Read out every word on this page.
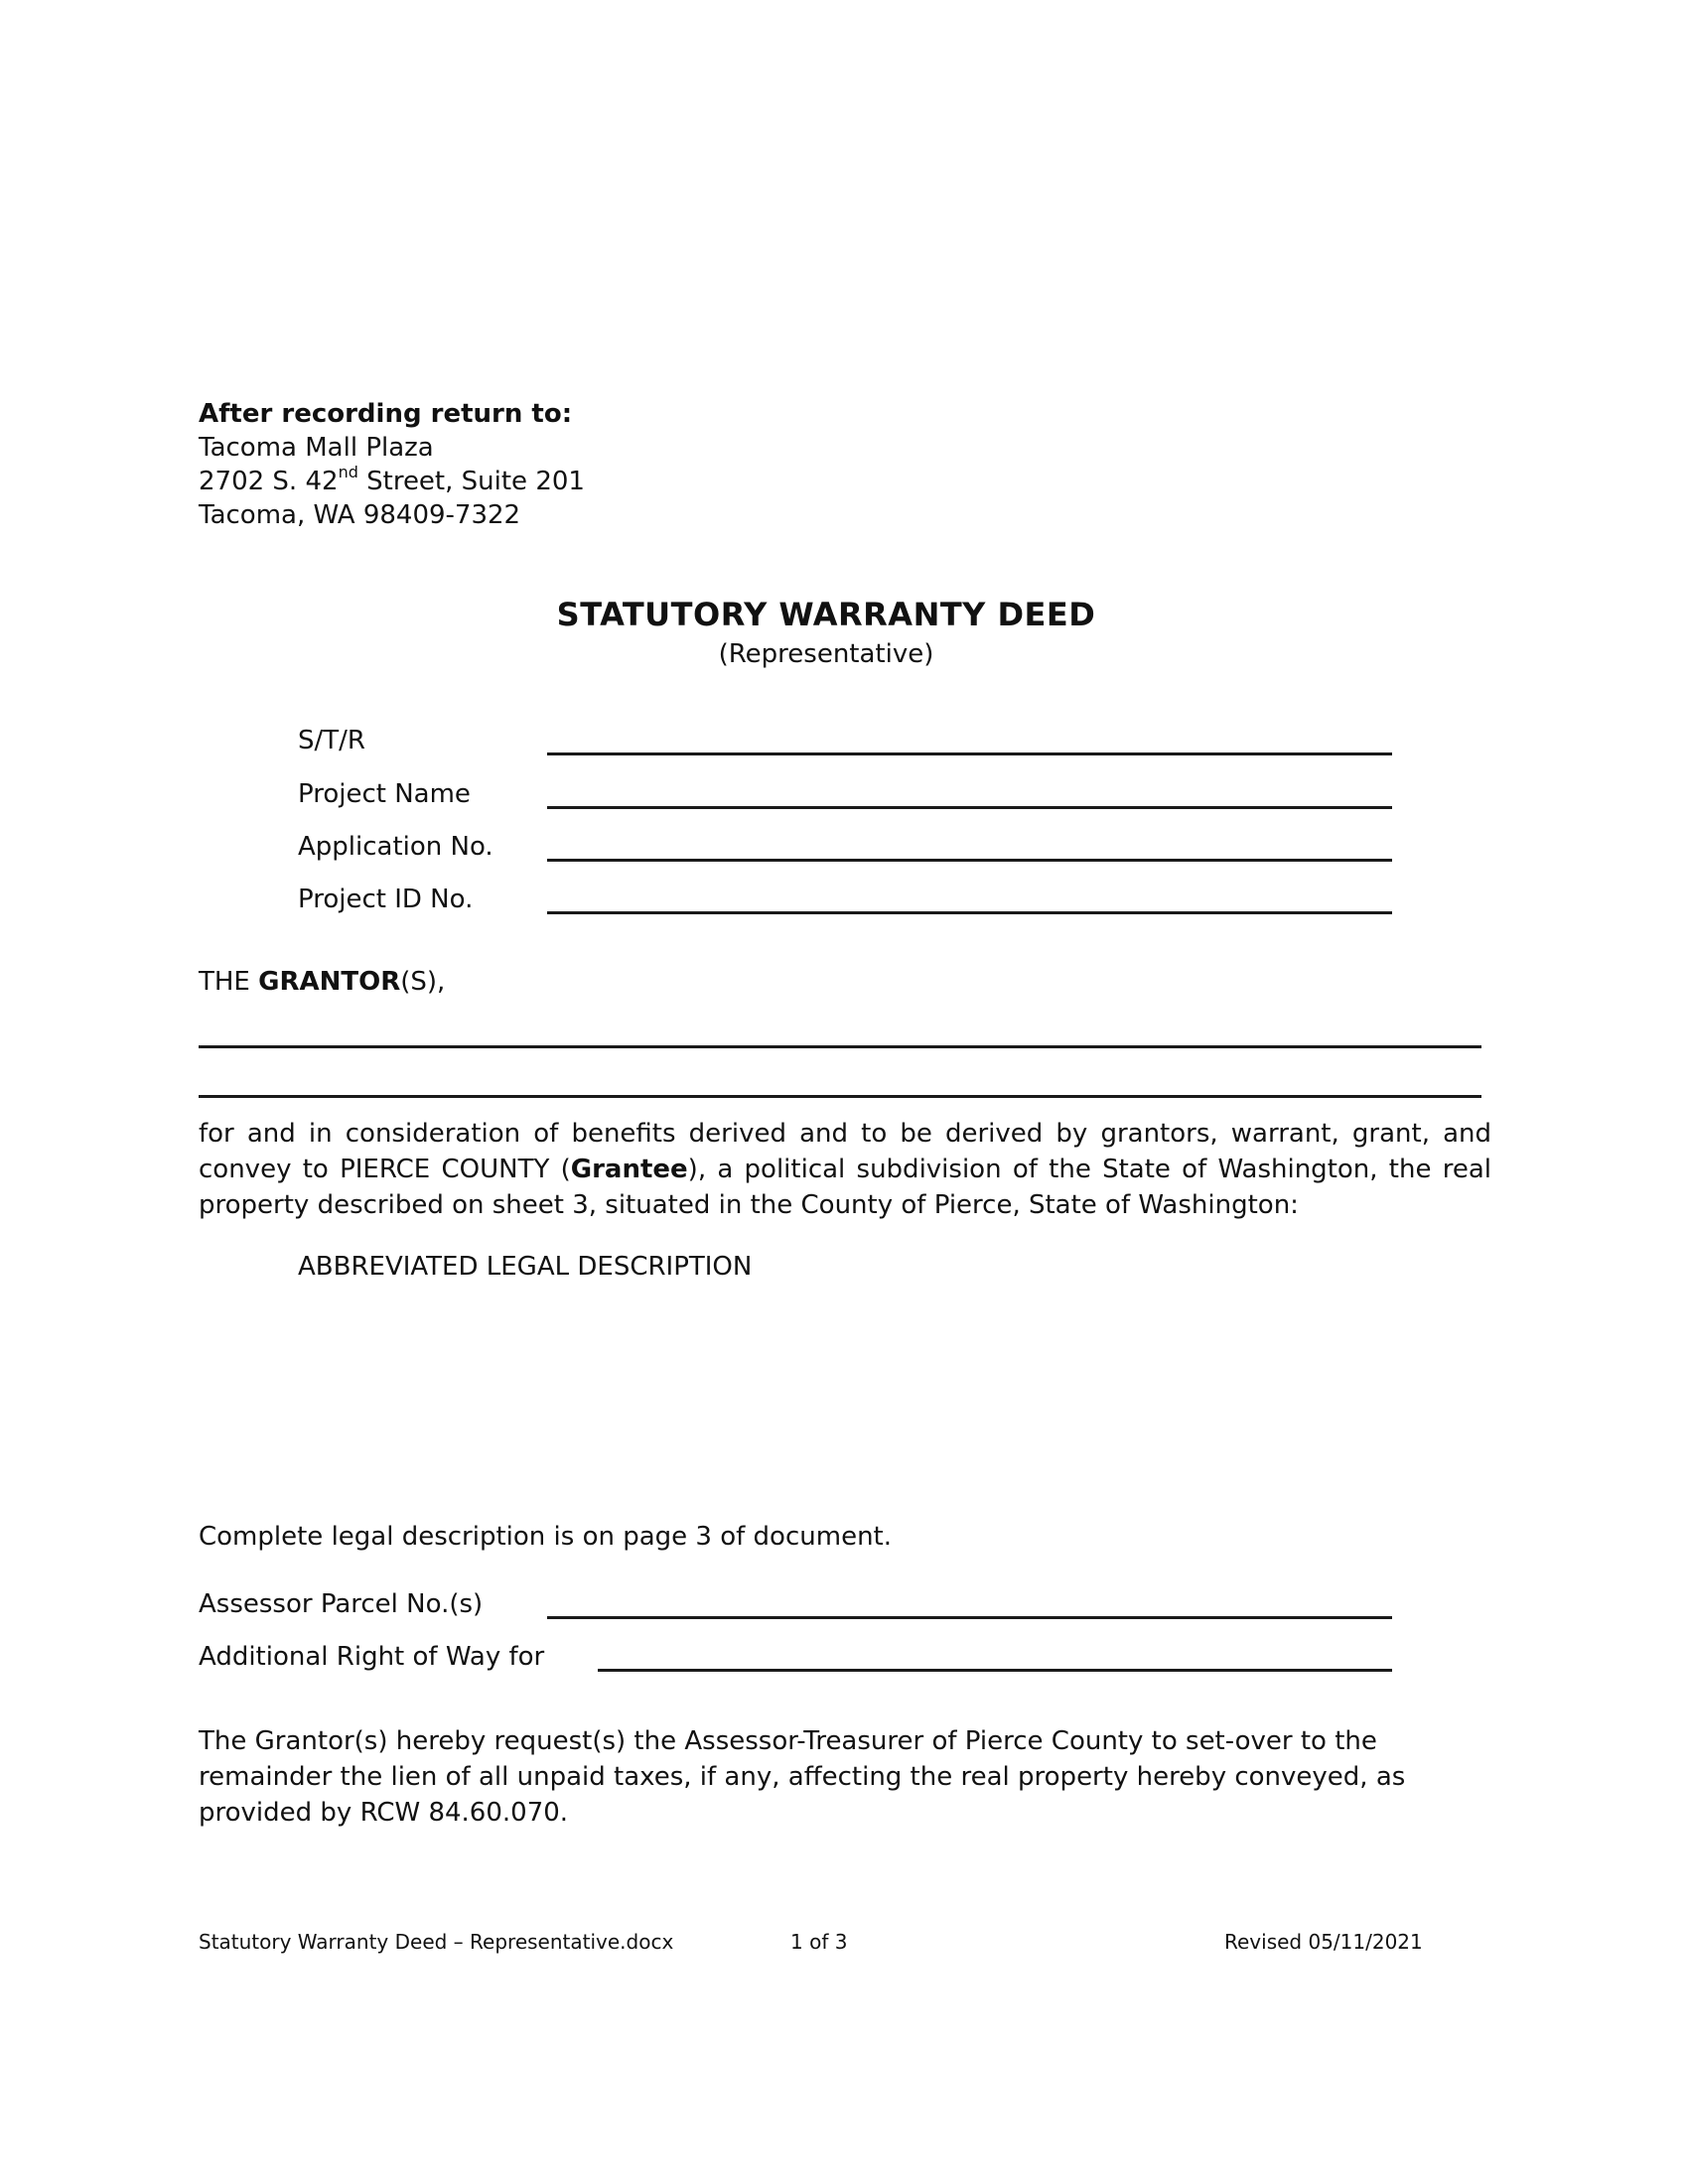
After recording return to:
Tacoma Mall Plaza
2702 S. 42nd Street, Suite 201
Tacoma, WA 98409-7322
STATUTORY WARRANTY DEED
(Representative)
S/T/R
Project Name
Application No.
Project ID No.
THE GRANTOR(S),
for and in consideration of benefits derived and to be derived by grantors, warrant, grant, and convey to PIERCE COUNTY (Grantee), a political subdivision of the State of Washington, the real property described on sheet 3, situated in the County of Pierce, State of Washington:
ABBREVIATED LEGAL DESCRIPTION
Complete legal description is on page 3 of document.
Assessor Parcel No.(s)
Additional Right of Way for
The Grantor(s) hereby request(s) the Assessor-Treasurer of Pierce County to set-over to the remainder the lien of all unpaid taxes, if any, affecting the real property hereby conveyed, as provided by RCW 84.60.070.
Statutory Warranty Deed – Representative.docx	1 of 3	Revised 05/11/2021
